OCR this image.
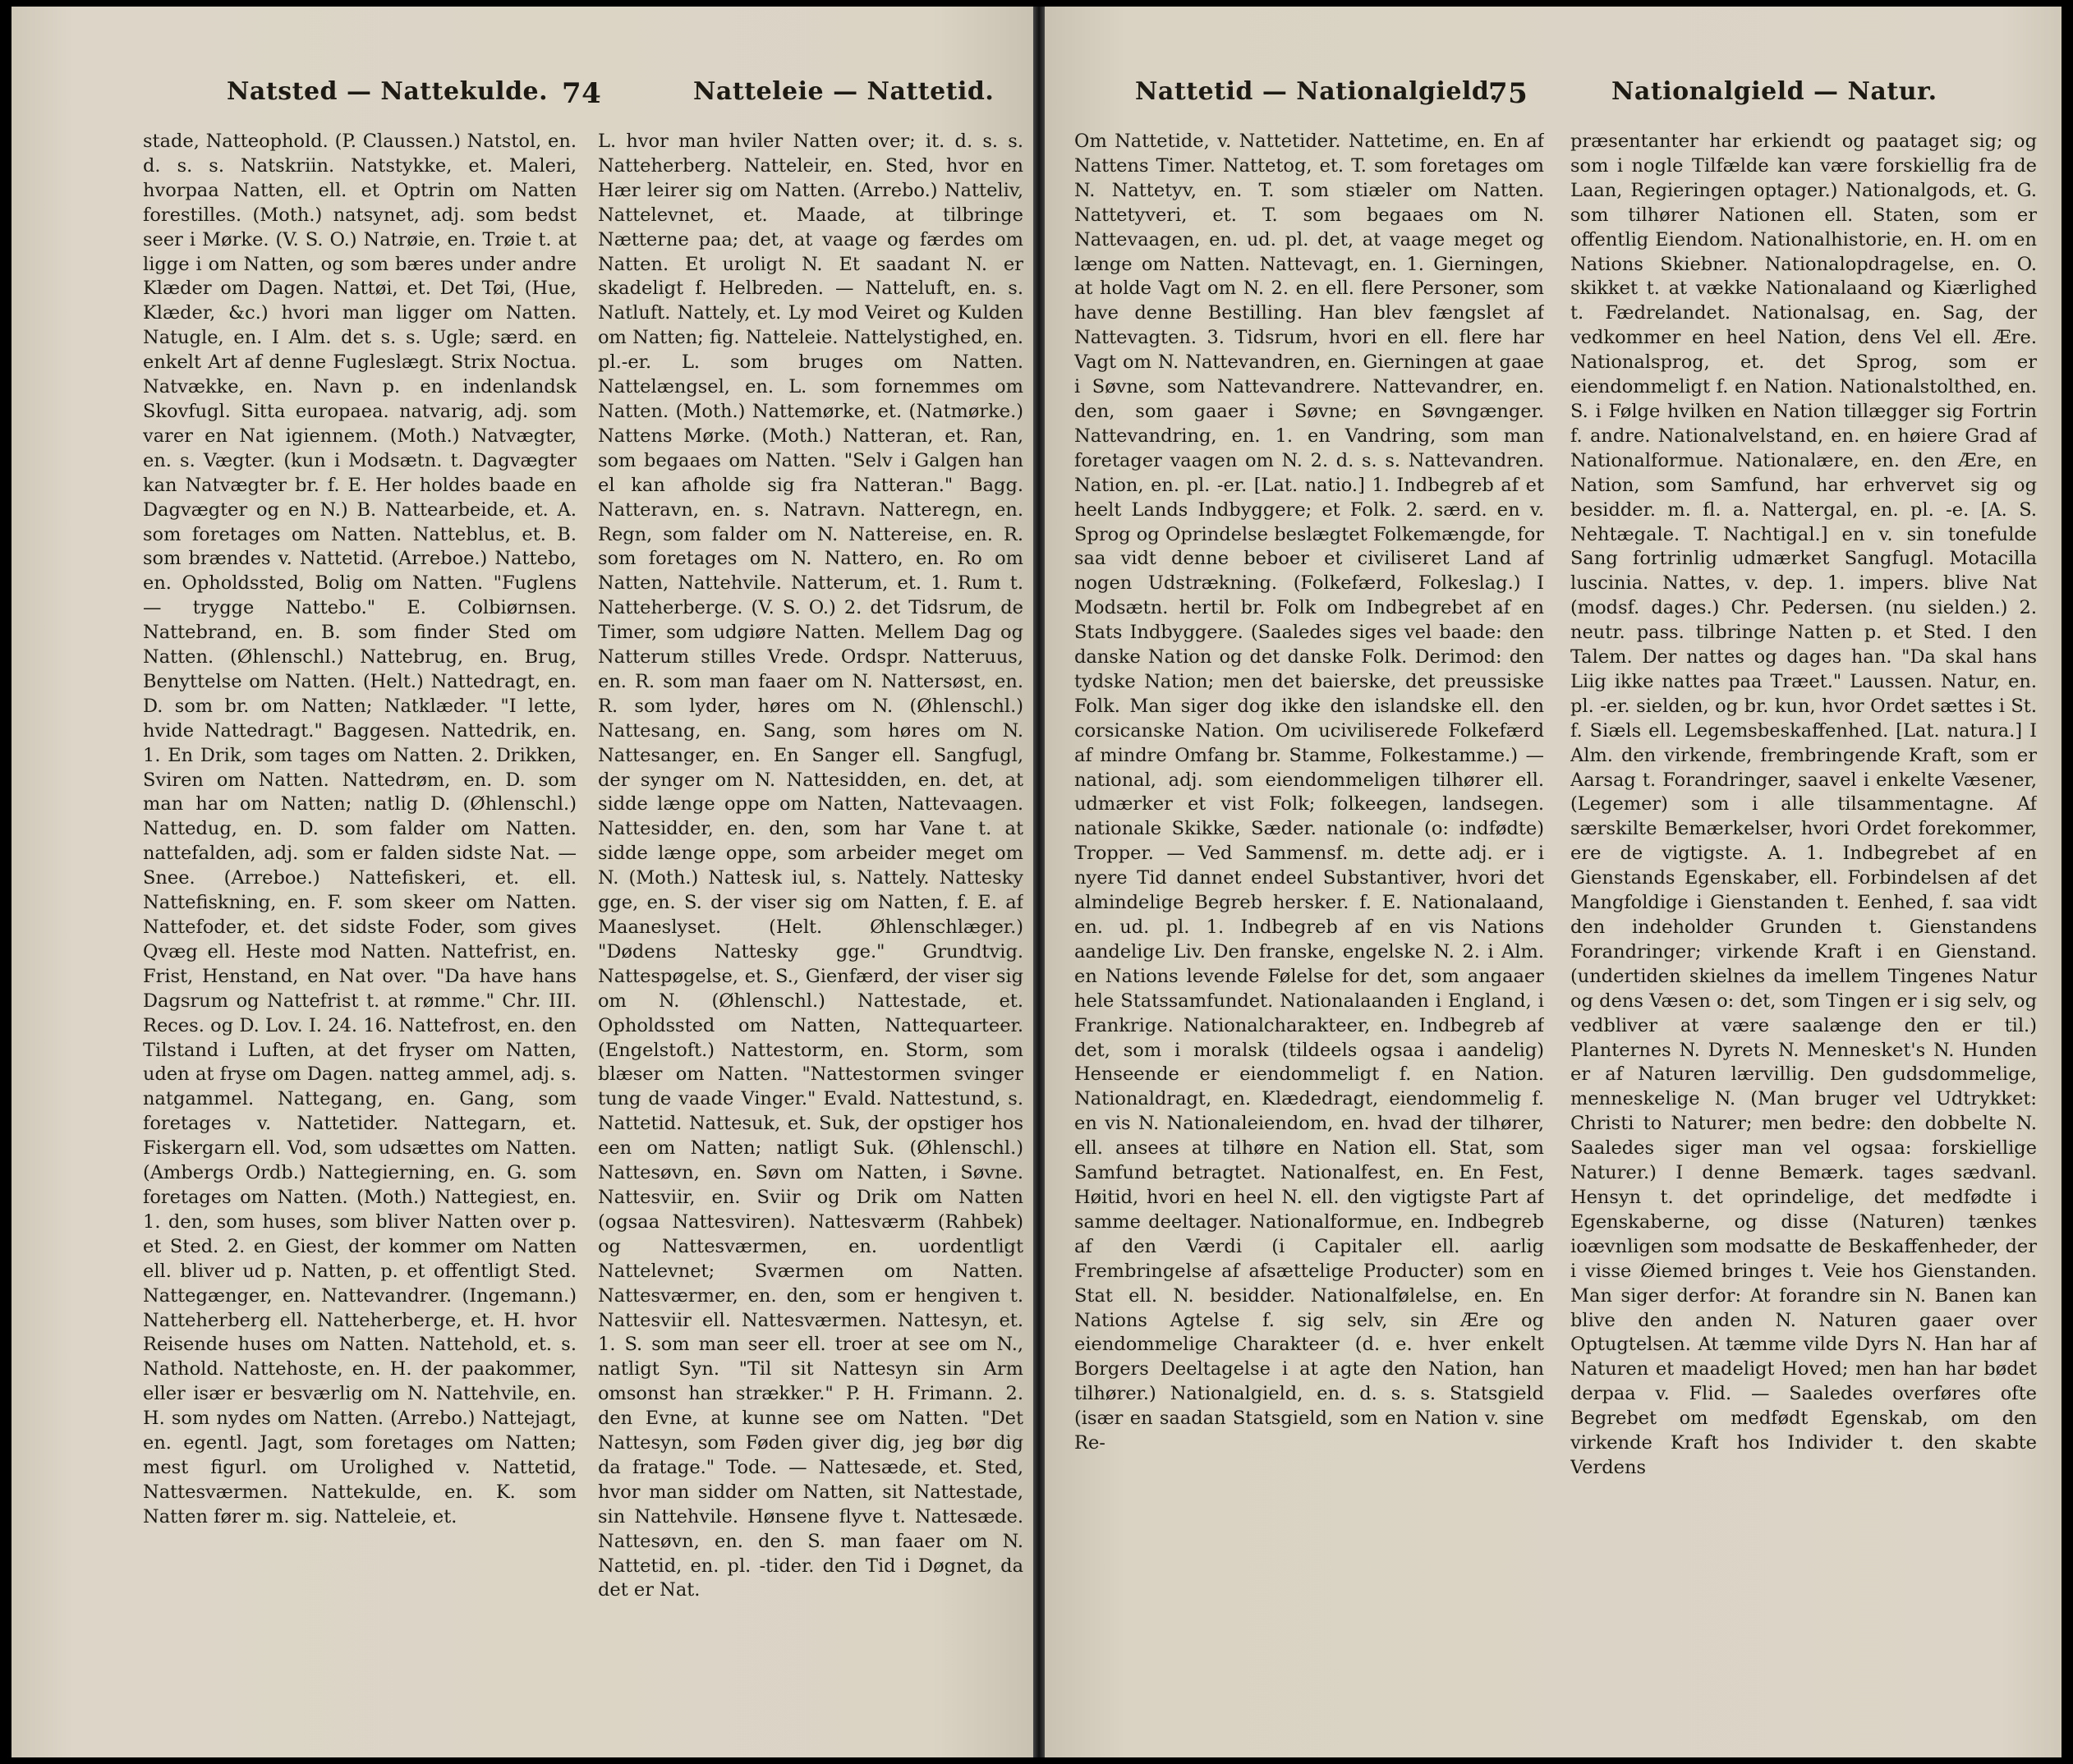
Natsted — Nattekulde. 74	Natteleie — Nattetid.

stade, Natteophold. (P. Claussen.) Natstol, en. d. s. s. Natskriin. Natstykke, et. Maleri, hvorpaa Natten, ell. et Optrin om Natten forestilles. (Moth.) natsynet, adj. som bedst seer i Mørke. (V. S. O.) Natrøie, en. Trøie t. at ligge i om Natten, og som bæres under andre Klæder om Dagen. Nattøi, et. Det Tøi, (Hue, Klæder, &c.) hvori man ligger om Natten. Natugle, en. I Alm. det s. s. Ugle; særd. en enkelt Art af denne Fugleslægt. Strix Noctua. Natvække, en. Navn p. en indenlandsk Skovfugl. Sitta europaea. natvarig, adj. som varer en Nat igiennem. (Moth.) Natvægter, en. s. Vægter. (kun i Modsætn. t. Dagvægter kan Natvægter br. f. E. Her holdes baade en Dagvægter og en N.) B. Nattearbeide, et. A. som foretages om Natten. Natteblus, et. B. som brændes v. Nattetid. (Arreboe.) Nattebo, en. Opholdssted, Bolig om Natten. "Fuglens — trygge Nattebo." E. Colbiørnsen. Nattebrand, en. B. som finder Sted om Natten. (Øhlenschl.) Nattebrug, en. Brug, Benyttelse om Natten. (Helt.) Nattedragt, en. D. som br. om Natten; Natklæder. "I lette, hvide Nattedragt." Baggesen. Nattedrik, en. 1. En Drik, som tages om Natten. 2. Drikken, Sviren om Natten. Nattedrøm, en. D. som man har om Natten; natlig D. (Øhlenschl.) Nattedug, en. D. som falder om Natten. nattefalden, adj. som er falden sidste Nat. — Snee. (Arreboe.) Nattefiskeri, et. ell. Nattefiskning, en. F. som skeer om Natten. Nattefoder, et. det sidste Foder, som gives Qvæg ell. Heste mod Natten. Nattefrist, en. Frist, Henstand, en Nat over. "Da have hans Dagsrum og Nattefrist t. at rømme." Chr. III. Reces. og D. Lov. I. 24. 16. Nattefrost, en. den Tilstand i Luften, at det fryser om Natten, uden at fryse om Dagen. natteg ammel, adj. s. natgammel. Nattegang, en. Gang, som foretages v. Nattetider. Nattegarn, et. Fiskergarn ell. Vod, som udsættes om Natten. (Ambergs Ordb.) Nattegierning, en. G. som foretages om Natten. (Moth.) Nattegiest, en. 1. den, som huses, som bliver Natten over p. et Sted. 2. en Giest, der kommer om Natten ell. bliver ud p. Natten, p. et offentligt Sted. Nattegænger, en. Nattevandrer. (Ingemann.) Natteherberg ell. Natteherberge, et. H. hvor Reisende huses om Natten. Nattehold, et. s. Nathold. Nattehoste, en. H. der paakommer, eller især er besværlig om N. Nattehvile, en. H. som nydes om Natten. (Arrebo.) Nattejagt, en. egentl. Jagt, som foretages om Natten; mest figurl. om Urolighed v. Nattetid, Nattesværmen. Nattekulde, en. K. som Natten fører m. sig. Natteleie, et.

L. hvor man hviler Natten over; it. d. s. s. Natteherberg. Natteleir, en. Sted, hvor en Hær leirer sig om Natten. (Arrebo.) Natteliv, Nattelevnet, et. Maade, at tilbringe Nætterne paa; det, at vaage og færdes om Natten. Et uroligt N. Et saadant N. er skadeligt f. Helbreden. — Natteluft, en. s. Natluft. Nattely, et. Ly mod Veiret og Kulden om Natten; fig. Natteleie. Nattelystighed, en. pl.-er. L. som bruges om Natten. Nattelængsel, en. L. som fornemmes om Natten. (Moth.) Nattemørke, et. (Natmørke.) Nattens Mørke. (Moth.) Natteran, et. Ran, som begaaes om Natten. "Selv i Galgen han el kan afholde sig fra Natteran." Bagg. Natteravn, en. s. Natravn. Natteregn, en. Regn, som falder om N. Nattereise, en. R. som foretages om N. Nattero, en. Ro om Natten, Nattehvile. Natterum, et. 1. Rum t. Natteherberge. (V. S. O.) 2. det Tidsrum, de Timer, som udgiøre Natten. Mellem Dag og Natterum stilles Vrede. Ordspr. Natteruus, en. R. som man faaer om N. Nattersøst, en. R. som lyder, høres om N. (Øhlenschl.) Nattesang, en. Sang, som høres om N. Nattesanger, en. En Sanger ell. Sangfugl, der synger om N. Nattesidden, en. det, at sidde længe oppe om Natten, Nattevaagen. Nattesidder, en. den, som har Vane t. at sidde længe oppe, som arbeider meget om N. (Moth.) Nattesk iul, s. Nattely. Nattesky gge, en. S. der viser sig om Natten, f. E. af Maaneslyset. (Helt. Øhlenschlæger.) "Dødens Nattesky gge." Grundtvig. Nattespøgelse, et. S., Gienfærd, der viser sig om N. (Øhlenschl.) Nattestade, et. Opholdssted om Natten, Nattequarteer. (Engelstoft.) Nattestorm, en. Storm, som blæser om Natten. "Nattestormen svinger tung de vaade Vinger." Evald. Nattestund, s. Nattetid. Nattesuk, et. Suk, der opstiger hos een om Natten; natligt Suk. (Øhlenschl.) Nattesøvn, en. Søvn om Natten, i Søvne. Nattesviir, en. Sviir og Drik om Natten (ogsaa Nattesviren). Nattesværm (Rahbek) og Nattesværmen, en. uordentligt Nattelevnet; Sværmen om Natten. Nattesværmer, en. den, som er hengiven t. Nattesviir ell. Nattesværmen. Nattesyn, et. 1. S. som man seer ell. troer at see om N., natligt Syn. "Til sit Nattesyn sin Arm omsonst han strækker." P. H. Frimann. 2. den Evne, at kunne see om Natten. "Det Nattesyn, som Føden giver dig, jeg bør dig da fratage." Tode. — Nattesæde, et. Sted, hvor man sidder om Natten, sit Nattestade, sin Nattehvile. Hønsene flyve t. Nattesæde. Nattesøvn, en. den S. man faaer om N. Nattetid, en. pl. -tider. den Tid i Døgnet, da det er Nat.

Nattetid — Nationalgield.
75	Nationalgield — Natur.

Om Nattetide, v. Nattetider. Nattetime, en. En af Nattens Timer. Nattetog, et. T. som foretages om N. Nattetyv, en. T. som stiæler om Natten. Nattetyveri, et. T. som begaaes om N. Nattevaagen, en. ud. pl. det, at vaage meget og længe om Natten. Nattevagt, en. 1. Gierningen, at holde Vagt om N. 2. en ell. flere Personer, som have denne Bestilling. Han blev fængslet af Nattevagten. 3. Tidsrum, hvori en ell. flere har Vagt om N. Nattevandren, en. Gierningen at gaae i Søvne, som Nattevandrere. Nattevandrer, en. den, som gaaer i Søvne; en Søvngænger. Nattevandring, en. 1. en Vandring, som man foretager vaagen om N. 2. d. s. s. Nattevandren. Nation, en. pl. -er. [Lat. natio.] 1. Indbegreb af et heelt Lands Indbyggere; et Folk. 2. særd. en v. Sprog og Oprindelse beslægtet Folkemængde, for saa vidt denne beboer et civiliseret Land af nogen Udstrækning. (Folkefærd, Folkeslag.) I Modsætn. hertil br. Folk om Indbegrebet af en Stats Indbyggere. (Saaledes siges vel baade: den danske Nation og det danske Folk. Derimod: den tydske Nation; men det baierske, det preussiske Folk. Man siger dog ikke den islandske ell. den corsicanske Nation. Om uciviliserede Folkefærd af mindre Omfang br. Stamme, Folkestamme.) — national, adj. som eiendommeligen tilhører ell. udmærker et vist Folk; folkeegen, landsegen. nationale Skikke, Sæder. nationale (o: indfødte) Tropper. — Ved Sammensf. m. dette adj. er i nyere Tid dannet endeel Substantiver, hvori det almindelige Begreb hersker. f. E. Nationalaand, en. ud. pl. 1. Indbegreb af en vis Nations aandelige Liv. Den franske, engelske N. 2. i Alm. en Nations levende Følelse for det, som angaaer hele Statssamfundet. Nationalaanden i England, i Frankrige. Nationalcharakteer, en. Indbegreb af det, som i moralsk (tildeels ogsaa i aandelig) Henseende er eiendommeligt f. en Nation. Nationaldragt, en. Klædedragt, eiendommelig f. en vis N. Nationaleiendom, en. hvad der tilhører, ell. ansees at tilhøre en Nation ell. Stat, som Samfund betragtet. Nationalfest, en. En Fest, Høitid, hvori en heel N. ell. den vigtigste Part af samme deeltager. Nationalformue, en. Indbegreb af den Værdi (i Capitaler ell. aarlig Frembringelse af afsættelige Producter) som en Stat ell. N. besidder. Nationalfølelse, en. En Nations Agtelse f. sig selv, sin Ære og eiendommelige Charakteer (d. e. hver enkelt Borgers Deeltagelse i at agte den Nation, han tilhører.) Nationalgield, en. d. s. s. Statsgield (især en saadan Statsgield, som en Nation v. sine Re-

præsentanter har erkiendt og paataget sig; og som i nogle Tilfælde kan være forskiellig fra de Laan, Regieringen optager.) Nationalgods, et. G. som tilhører Nationen ell. Staten, som er offentlig Eiendom. Nationalhistorie, en. H. om en Nations Skiebner. Nationalopdragelse, en. O. skikket t. at vække Nationalaand og Kiærlighed t. Fædrelandet. Nationalsag, en. Sag, der vedkommer en heel Nation, dens Vel ell. Ære. Nationalsprog, et. det Sprog, som er eiendommeligt f. en Nation. Nationalstolthed, en. S. i Følge hvilken en Nation tillægger sig Fortrin f. andre. Nationalvelstand, en. en høiere Grad af Nationalformue. Nationalære, en. den Ære, en Nation, som Samfund, har erhvervet sig og besidder. m. fl. a. Nattergal, en. pl. -e. [A. S. Nehtægale. T. Nachtigal.] en v. sin tonefulde Sang fortrinlig udmærket Sangfugl. Motacilla luscinia. Nattes, v. dep. 1. impers. blive Nat (modsf. dages.) Chr. Pedersen. (nu sielden.) 2. neutr. pass. tilbringe Natten p. et Sted. I den Talem. Der nattes og dages han. "Da skal hans Liig ikke nattes paa Træet." Laussen. Natur, en. pl. -er. sielden, og br. kun, hvor Ordet sættes i St. f. Siæls ell. Legemsbeskaffenhed. [Lat. natura.] I Alm. den virkende, frembringende Kraft, som er Aarsag t. Forandringer, saavel i enkelte Væsener, (Legemer) som i alle tilsammentagne. Af særskilte Bemærkelser, hvori Ordet forekommer, ere de vigtigste. A. 1. Indbegrebet af en Gienstands Egenskaber, ell. Forbindelsen af det Mangfoldige i Gienstanden t. Eenhed, f. saa vidt den indeholder Grunden t. Gienstandens Forandringer; virkende Kraft i en Gienstand. (undertiden skielnes da imellem Tingenes Natur og dens Væsen o: det, som Tingen er i sig selv, og vedbliver at være saalænge den er til.) Planternes N. Dyrets N. Mennesket's N. Hunden er af Naturen lærvillig. Den gudsdommelige, menneskelige N. (Man bruger vel Udtrykket: Christi to Naturer; men bedre: den dobbelte N. Saaledes siger man vel ogsaa: forskiellige Naturer.) I denne Bemærk. tages sædvanl. Hensyn t. det oprindelige, det medfødte i Egenskaberne, og disse (Naturen) tænkes ioævnligen som modsatte de Beskaffenheder, der i visse Øiemed bringes t. Veie hos Gienstanden. Man siger derfor: At forandre sin N. Banen kan blive den anden N. Naturen gaaer over Optugtelsen. At tæmme vilde Dyrs N. Han har af Naturen et maadeligt Hoved; men han har bødet derpaa v. Flid. — Saaledes overføres ofte Begrebet om medfødt Egenskab, om den virkende Kraft hos Individer t. den skabte Verdens
